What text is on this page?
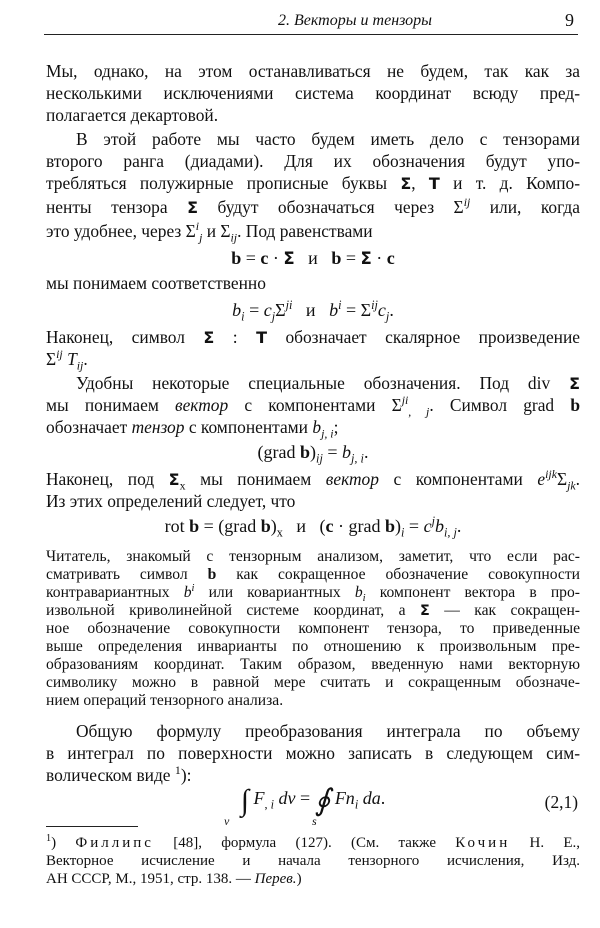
2. Векторы и тензоры	9
Мы, однако, на этом останавливаться не будем, так как за
несколькими исключениями система координат всюду пред-
полагается декартовой.
В этой работе мы часто будем иметь дело с тензорами
второго ранга (диадами). Для их обозначения будут упо-
требляться полужирные прописные буквы Σ, T и т. д. Компо-
ненты тензора Σ будут обозначаться через $\Sigma^{ij}$ или, когда
это удобнее, через $\Sigma^i_j$ и $\Sigma_{ij}$. Под равенствами
b = c · Σ и b = Σ · c
мы понимаем соответственно
$b_i = c_j\Sigma^{ji}$ и $b^i = \Sigma^{ij}c_j$.
Наконец, символ Σ : T обозначает скалярное произведение
$\Sigma^{ij}$ $T_{ij}$.
Удобны некоторые специальные обозначения. Под div Σ
мы понимаем вектор с компонентами $\Sigma^{ji}_{, j}$. Символ grad b
обозначает тензор с компонентами $b_{j, i}$;
(grad $b)_{ij} = b_{j, i}$.
Наконец, под $\Sigma_x$ мы понимаем вектор с компонентами $e^{ijk}\Sigma_{jk}$.
Из этих определений следует, что
rot b = (grad $b)_x$ и   (c · grad $b)_i = c^jb_{i, j}$.
Читатель, знакомый с тензорным анализом, заметит, что если рас-
сматривать символ b как сокращенное обозначение совокупности
контравариантных $b^i$ или ковариантных $b_i$ компонент вектора в про-
извольной криволинейной системе координат, а Σ — как сокращен-
ное обозначение совокупности компонент тензора, то приведенные
выше определения инварианты по отношению к произвольным пре-
образованиям координат. Таким образом, введенную нами векторную
символику можно в равной мере считать и сокращенным обозначе-
нием операций тензорного анализа.
Общую формулу преобразования интеграла по объему
в интеграл по поверхности можно записать в следующем сим-
волическом виде $^1$):
∫ $F_{, i}$ dv = ∮ $Fn_i$ da.
v	s
(2,1)
$^1$) Филлипс [48], формула (127). (См. также Кочин Н. Е.,
Векторное исчисление и начала тензорного исчисления, Изд.
АН СССР, М., 1951, стр. 138. — Перев.)
